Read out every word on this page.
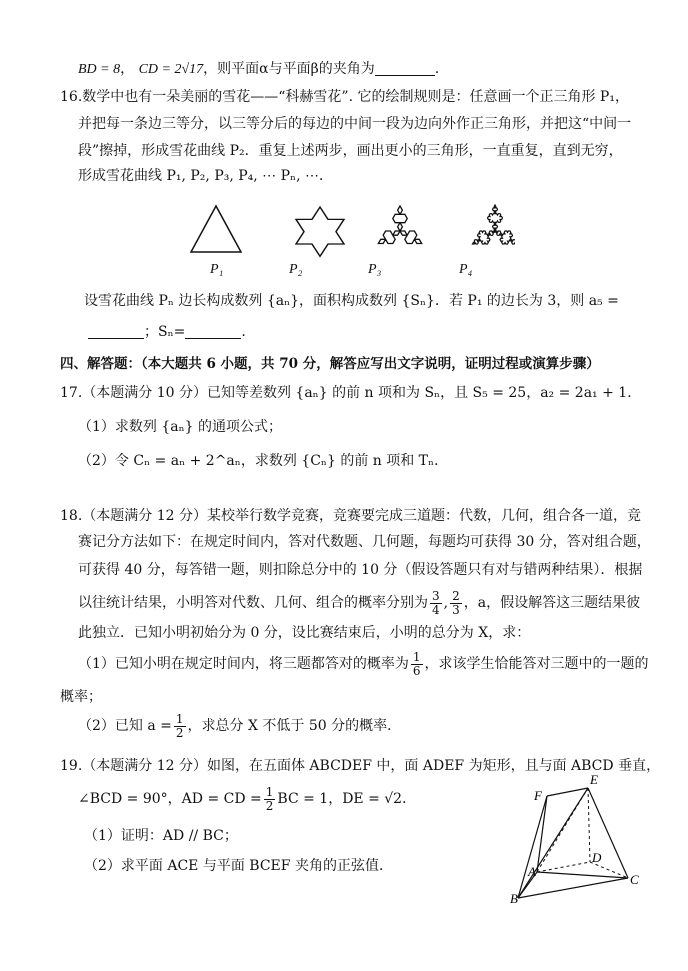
BD = 8， CD = 2√17，则平面α与平面β的夹角为	.
16.数学中也有一朵美丽的雪花——“科赫雪花”. 它的绘制规则是：任意画一个正三角形 P₁，
并把每一条边三等分，以三等分后的每边的中间一段为边向外作正三角形，并把这“中间一
段”擦掉，形成雪花曲线 P₂．重复上述两步，画出更小的三角形，一直重复，直到无穷，
形成雪花曲线 P₁, P₂, P₃, P₄, ⋯ Pₙ, ⋯．
P₁	P₂	P₃	P₄
设雪花曲线 Pₙ 边长构成数列 {aₙ}，面积构成数列 {Sₙ}．若 P₁ 的边长为 3，则 a₅ =
；Sₙ=	.
四、解答题：（本大题共 6 小题，共 70 分，解答应写出文字说明，证明过程或演算步骤）
17.（本题满分 10 分）已知等差数列 {aₙ} 的前 n 项和为 Sₙ，且 S₅ = 25，a₂ = 2a₁ + 1．
（1）求数列 {aₙ} 的通项公式；
（2）令 Cₙ = aₙ + 2^aₙ，求数列 {Cₙ} 的前 n 项和 Tₙ．
18.（本题满分 12 分）某校举行数学竞赛，竞赛要完成三道题：代数，几何，组合各一道，竞
赛记分方法如下：在规定时间内，答对代数题、几何题，每题均可获得 30 分，答对组合题，
可获得 40 分，每答错一题，则扣除总分中的 10 分（假设答题只有对与错两种结果）．根据
以往统计结果，小明答对代数、几何、组合的概率分别为 $\frac{3}{4}$ , $\frac{2}{3}$ ，a，假设解答这三题结果彼
此独立．已知小明初始分为 0 分，设比赛结束后，小明的总分为 X，求：
（1）已知小明在规定时间内，将三题都答对的概率为 $\frac{1}{6}$ ，求该学生恰能答对三题中的一题的
概率；
（2）已知 $a = \frac{1}{2}$ ，求总分 X 不低于 50 分的概率．
19.（本题满分 12 分）如图，在五面体 ABCDEF 中，面 ADEF 为矩形，且与面 ABCD 垂直，
∠BCD = 90°，AD = CD = $\frac{1}{2}$ BC = 1，DE = √2．
（1）证明：AD // BC；
（2）求平面 ACE 与平面 BCEF 夹角的正弦值．
F
E
A
D
B
C
